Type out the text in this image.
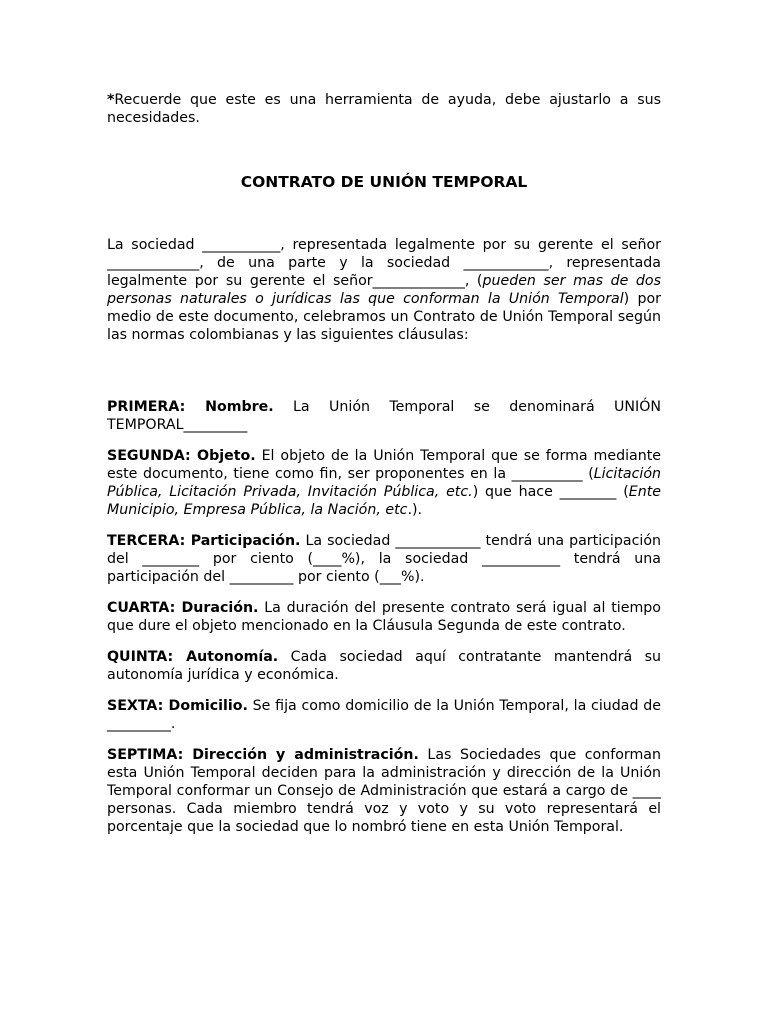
*Recuerde que este es una herramienta de ayuda, debe ajustarlo a sus necesidades.

CONTRATO DE UNIÓN TEMPORAL

La sociedad ___________, representada legalmente por su gerente el señor _____________, de una parte y la sociedad ____________, representada legalmente por su gerente el señor_____________, (pueden ser mas de dos personas naturales o jurídicas las que conforman la Unión Temporal) por medio de este documento, celebramos un Contrato de Unión Temporal según las normas colombianas y las siguientes cláusulas:

PRIMERA: Nombre. La Unión Temporal se denominará UNIÓN TEMPORAL_________

SEGUNDA: Objeto. El objeto de la Unión Temporal que se forma mediante este documento, tiene como fin, ser proponentes en la __________ (Licitación Pública, Licitación Privada, Invitación Pública, etc.) que hace ________ (Ente Municipio, Empresa Pública, la Nación, etc.).

TERCERA: Participación. La sociedad ____________ tendrá una participación del ________ por ciento (____%), la sociedad ___________ tendrá una participación del _________ por ciento (___%).

CUARTA: Duración. La duración del presente contrato será igual al tiempo que dure el objeto mencionado en la Cláusula Segunda de este contrato.

QUINTA: Autonomía. Cada sociedad aquí contratante mantendrá su autonomía jurídica y económica.

SEXTA: Domicilio. Se fija como domicilio de la Unión Temporal, la ciudad de _________.

SEPTIMA: Dirección y administración. Las Sociedades que conforman esta Unión Temporal deciden para la administración y dirección de la Unión Temporal conformar un Consejo de Administración que estará a cargo de ____ personas. Cada miembro tendrá voz y voto y su voto representará el porcentaje que la sociedad que lo nombró tiene en esta Unión Temporal.
